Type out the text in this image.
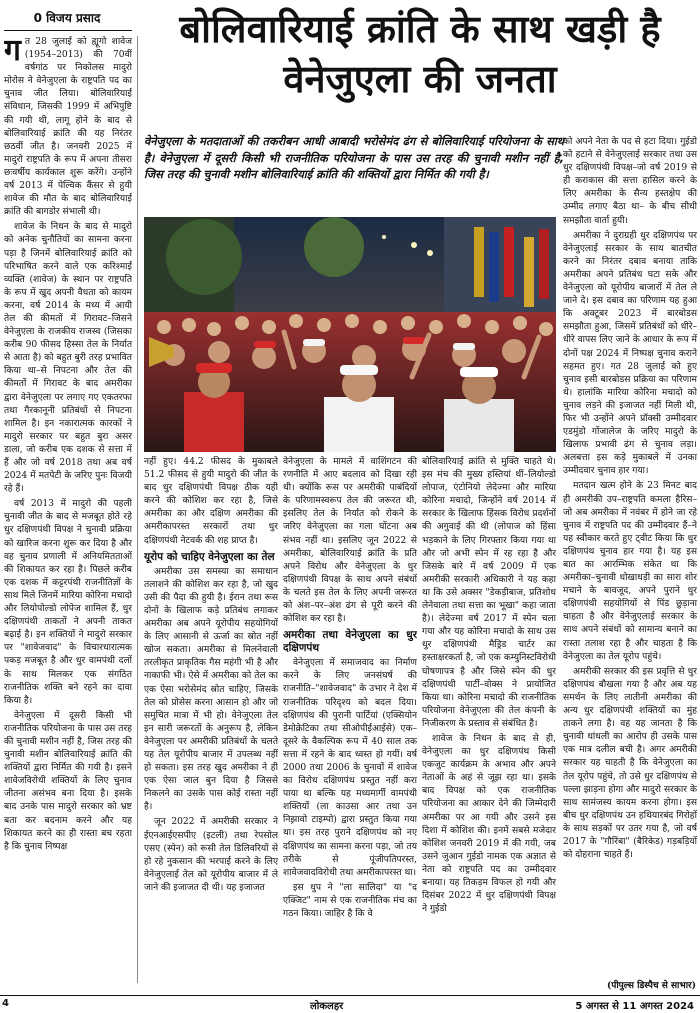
0 विजय प्रसाद	बोलिवारियाई क्रांति के साथ खड़ी है
वेनेजुएला की जनता

गत 28 जुलाई को ह्यूगो शावेज (1954–2013) की 70वीं वर्षगांठ पर निकोलस मादुरो मोरोस ने वेनेजुएला के राष्ट्रपति पद का चुनाव जीत लिया। बोलिवारियाई संविधान, जिसकी 1999 में अभिपुष्टि की गयी थी, लागू होने के बाद से बोलिवारियाई क्रांति की यह निरंतर छठवीं जीत है। जनवरी 2025 में मादुरो राष्ट्रपति के रूप में अपना तीसरा छःवर्षीय कार्यकाल शुरू करेंगे। उन्होंने वर्ष 2013 में पेल्विक कैंसर से हुयी शावेज की मौत के बाद बोलिवारियाई क्रांति की बागडोर संभाली थी।

शावेज के निधन के बाद से मादुरो को अनेक चुनौतियों का सामना करना पड़ा है जिनमें बोलिवारियाई क्रांति को परिभाषित करने वाले एक करिश्माई व्यक्ति (शावेज) के स्थान पर राष्ट्रपति के रूप में खुद अपनी वैधता को कायम करना, वर्ष 2014 के मध्य में आयी तेल की कीमतों में गिरावट–जिसने वेनेजुएला के राजकीय राजस्व (जिसका करीब 90 फीसद हिस्सा तेल के निर्यात से आता है) को बहुत बुरी तरह प्रभावित किया था–से निपटना और तेल की कीमतों में गिरावट के बाद अमरीका द्वारा वेनेजुएला पर लगाए गए एकतरफा तथा गैरकानूनी प्रतिबंधों से निपटना शामिल है। इन नकारात्मक कारकों ने मादुरो सरकार पर बहुत बुरा असर डाला, जो करीब एक दशक से सत्ता में हैं और जो वर्ष 2018 तथा अब वर्ष 2024 में मतपेटी के जरिए पुनः विजयी रहे हैं।

वर्ष 2013 में मादुरो की पहली चुनावी जीत के बाद से मजबूत होते रहे धुर दक्षिणपंथी विपक्ष ने चुनावी प्रक्रिया को खारिज करना शुरू कर दिया है और वह चुनाव प्रणाली में अनियमितताओं की शिकायत कर रहा है। पिछले करीब एक दशक में कट्टरपंथी राजनीतिज्ञों के साथ मिले जिनमें मारिया कोरिना मचादो और लियोपोल्डो लोपेज शामिल हैं, धुर दक्षिणपंथी ताकतों ने अपनी ताकत बढ़ाई है। इन शक्तियों ने मादुरो सरकार पर "शावेजवाद" के विचारधारात्मक पकड़ मजबूत है और धुर वामपंथी दलों के साथ मिलकर एक संगठित राजनीतिक शक्ति बने रहने का दावा किया है।

वेनेजुएला में दूसरी किसी भी राजनीतिक परियोजना के पास उस तरह की चुनावी मशीन नहीं है, जिस तरह की चुनावी मशीन बोलिवारियाई क्रांति की शक्तियों द्वारा निर्मित की गयी है। इसने शावेजविरोधी शक्तियों के लिए चुनाव जीतना असंभव बना दिया है। इसके बाद उनके पास मादुरो सरकार को भ्रष्ट बता कर बदनाम करने और यह शिकायत करने का ही रास्ता बच रहता है कि चुनाव निष्पक्ष

वेनेजुएला के मतदाताओं की तकरीबन आधी आबादी भरोसेमंद ढंग से बोलिवारियाई परियोजना के साथ है। वेनेजुएला में दूसरी किसी भी राजनीतिक परियोजना के पास उस तरह की चुनावी मशीन नहीं है, जिस तरह की चुनावी मशीन बोलिवारियाई क्रांति की शक्तियों द्वारा निर्मित की गयी है।

नहीं हुए। 44.2 फीसद के मुकाबले 51.2 फीसद से हुयी मादुरो की जीत के बाद धुर दक्षिणपंथी विपक्ष ठीक यही करने की कोशिश कर रहा है, जिसे अमरीका का और दक्षिण अमरीका की अमरीकापरस्त सरकारों तथा धुर दक्षिणपंथी नेटवर्क की शह प्राप्त है।

यूरोप को चाहिए वेनेजुएला का तेल

अमरीका उस समस्या का समाधान तलाशने की कोशिश कर रहा है, जो खुद उसी की पैदा की हुयी है। ईरान तथा रूस दोनों के खिलाफ कड़े प्रतिबंध लगाकर अमरीका अब अपने यूरोपीय सहयोगियों के लिए आसानी से ऊर्जा का स्रोत नहीं खोज सकता। अमरीका से मिलनेवाली तरलीकृत प्राकृतिक गैस महंगी भी है और नाकाफी भी। ऐसे में अमरीका को तेल का एक ऐसा भरोसेमंद स्रोत चाहिए, जिसके तेल को प्रोसेस करना आसान हो और जो समुचित मात्रा में भी हो। वेनेजुएला तेल इन सारी जरूरतों के अनुरूप है, लेकिन वेनेजुएला पर अमरीकी प्रतिबंधों के चलते यह तेल यूरोपीय बाजार में उपलब्ध नहीं हो सकता। इस तरह खुद अमरीका ने ही एक ऐसा जाल बुन दिया है जिससे निकलने का उसके पास कोई रास्ता नहीं है।

जून 2022 में अमरीकी सरकार ने ईएनआईएसपीए (इटली) तथा रेपसोल एसए (स्पेन) को रूसी तेल डिलिवरियों से हो रहे नुकसान की भरपाई करने के लिए वेनेजुएलाई तेल को यूरोपीय बाजार में ले जाने की इजाजत दी थी। यह इजाजत

वेनेजुएला के मामले में वाशिंगटन की रणनीति में आए बदलाव को दिखा रही थी। क्योंकि रूस पर अमरीकी पाबंदियों के परिणामस्वरूप तेल की जरूरत थी, इसलिए तेल के निर्यात को रोकने के जरिए वेनेजुएला का गला घोंटना अब संभव नहीं था। इसलिए जून 2022 से अमरीका, बोलिवारियाई क्रांति के प्रति अपने विरोध और वेनेजुएला के धुर दक्षिणपंथी विपक्ष के साथ अपने संबंधों के चलते इस तेल के लिए अपनी जरूरत को अंश–पर–अंश ढंग से पूरी करने की कोशिश कर रहा है।

अमरीका तथा वेनेजुएला का धुर दक्षिणपंथ

वेनेजुएला में समाजवाद का निर्माण करने के लिए जनसंघर्ष की राजनीति–"शावेजवाद" के उभार ने देश में राजनीतिक परिदृश्य को बदल दिया। दक्षिणपंथ की पुरानी पार्टियां (एक्सियोन डेमोक्रेटिका तथा सीओपीईआईसे) एक–दूसरे के वैकल्पिक रूप में 40 साल तक सत्ता में रहने के बाद ध्वस्त हो गयीं। वर्ष 2000 तथा 2006 के चुनावों में शावेज का विरोध दक्षिणपंथ प्रस्तुत नहीं करा पाया था बल्कि यह मध्यमार्गी वामपंथी शक्तियों (ला काउसा आर तथा उन निझ़ावो टाइम्पो) द्वारा प्रस्तुत किया गया था। इस तरह पुराने दक्षिणपंथ को नए दक्षिणपंथ का सामना करना पड़ा, जो तय तरीके से पूंजीपतिपरस्त, शावेजवादविरोधी तथा अमरीकापरस्त था।

इस धुप ने "ला सालिदा" या "द एक्जिट" नाम से एक राजनीतिक मंच का गठन किया। जाहिर है कि वे

बोलिवारियाई क्रांति से मुक्ति चाहते थे। इस मंच की मुख्य हस्तियां थीं–लियोल्डो लोपाज, एंटोनियो लेदेज्मा और मारिया कोरिना मचादो, जिन्होंने वर्ष 2014 में सरकार के खिलाफ हिंसक विरोध प्रदर्शनों की अगुवाई की थी (लोपाज को हिंसा भड़काने के लिए गिरफ्तार किया गया था और जो अभी स्पेन में रह रहा है और जिसके बारे में वर्ष 2009 में एक अमरीकी सरकारी अधिकारी ने यह कहा था कि उसे अक्सर "डेकड़ीबाज, प्रतिशोध लेनेवाला तथा सत्ता का भूखा" कहा जाता है)। लेदेज्मा वर्ष 2017 में स्पेन चला गया और यह कोरिना मचादो के साथ उस धुर दक्षिणपंथी मैड्रिड चार्टर का हस्ताक्षरकर्ता है, जो एक कम्युनिस्टविरोधी घोषणापत्र है और जिसे स्पेन की धुर दक्षिणपंथी पार्टी–वोक्स ने प्रायोजित किया था। कोरिना मचादो की राजनीतिक परियोजना वेनेजुएला की तेल कंपनी के निजीकरण के प्रस्ताव से संबंधित है।

शावेज के निधन के बाद से ही, वेनेजुएला का धुर दक्षिणपंथ किसी एकजुट कार्यक्रम के अभाव और अपने नेताओं के अहं से जूझ रहा था। इसके बाद विपक्ष को एक राजनीतिक परियोजना का आकार देने की जिम्मेदारी अमरीका पर आ गयी और उसने इस दिशा में कोशिश की। इनमें सबसे मजेदार कोशिश जनवरी 2019 में की गयी, जब उसने जुआन गुईडो नामक एक अज्ञात से नेता को राष्ट्रपति पद का उम्मीदवार बनाया। यह तिकड़म विफल हो गयी और दिसंबर 2022 में धुर दक्षिणपंथी विपक्ष ने गुईडो

को अपने नेता के पद से हटा दिया। गुईडो को हटाने से वेनेजुएलाई सरकार तथा उस धुर दक्षिणपंथी विपक्ष–जो वर्ष 2019 से ही कराकास की सत्ता हासिल करने के लिए अमरीका के सैन्य हस्तक्षेप की उम्मीद लगाए बैठा था– के बीच सीधी समझौता वार्ता हुयी।

अमरीका ने दुराग्रही धुर दक्षिणपंथ पर वेनेजुएलाई सरकार के साथ बातचीत करने का निरंतर दबाव बनाया ताकि अमरीका अपने प्रतिबंध घटा सके और वेनेजुएला को यूरोपीय बाजारों में तेल ले जाने दे। इस दबाव का परिणाम यह हुआ कि अक्टूबर 2023 में बारबोडस समझौता हुआ, जिसमें प्रतिबंधों को धीरे–धीरे वापस लिए जाने के आधार के रूप में दोनों पक्ष 2024 में निष्पक्ष चुनाव कराने सहमत हुए। गत 28 जुलाई को हुए चुनाव इसी बारबोडस प्रक्रिया का परिणाम थे। हालांकि मारिया कोरिना मचादो को चुनाव लड़ने की इजाजत नहीं मिली थी, फिर भी उन्होंने अपने प्रॉक्सी उम्मीदवार एडमुंडो गोंजालेज के जरिए मादुरो के खिलाफ प्रभावी ढंग से चुनाव लड़ा। अलबत्ता इस कड़े मुकाबले में उनका उम्मीदवार चुनाव हार गया।

मतदान खत्म होने के 23 मिनट बाद ही अमरीकी उप–राष्ट्रपति कमला हैरिस–जो अब अमरीका में नवंबर में होने जा रहे चुनाव में राष्ट्रपति पद की उम्मीदवार हैं–ने यह स्वीकार करते हुए ट्वीट किया कि धुर दक्षिणपंथ चुनाव हार गया है। यह इस बात का आरम्भिक संकेत था कि अमरीका–चुनावी धोखाधड़ी का सारा शोर मचाने के बावजूद, अपने पुराने धुर दक्षिणपंथी सहयोगियों से पिंड छुड़ाना चाहता है और वेनेजुएलाई सरकार के साथ अपने संबंधों को सामान्य बनाने का रास्ता तलाश रहा है और चाहता है कि वेनेजुएला का तेल यूरोप पहुंचे।

अमरीकी सरकार की इस प्रवृत्ति से धुर दक्षिणपंथ बौखला गया है और अब यह समर्थन के लिए लातीनी अमरीका की अन्य धुर दक्षिणपंथी शक्तियों का मुंह ताकने लगा है। वह यह जानता है कि चुनावी धांधली का आरोप ही उसके पास एक मात्र दलील बची है। अगर अमरीकी सरकार यह चाहती है कि वेनेजुएला का तेल यूरोप पहुंचे, तो उसे धुर दक्षिणपंथ से पल्ला झाड़ना होगा और मादुरो सरकार के साथ सामंजस्य कायम करना होगा। इस बीच धुर दक्षिणपंथ उन हथियारबंद गिरोहों के साथ सड़कों पर उतर गया है, जो वर्ष 2017 के "गौरिंबा" (बैरिकेड) गड़बड़ियों को दोहराना चाहते हैं।

(पीपुल्स डिस्पैच से साभार)
4	लोकलहर	5 अगस्त से 11 अगस्त 2024
